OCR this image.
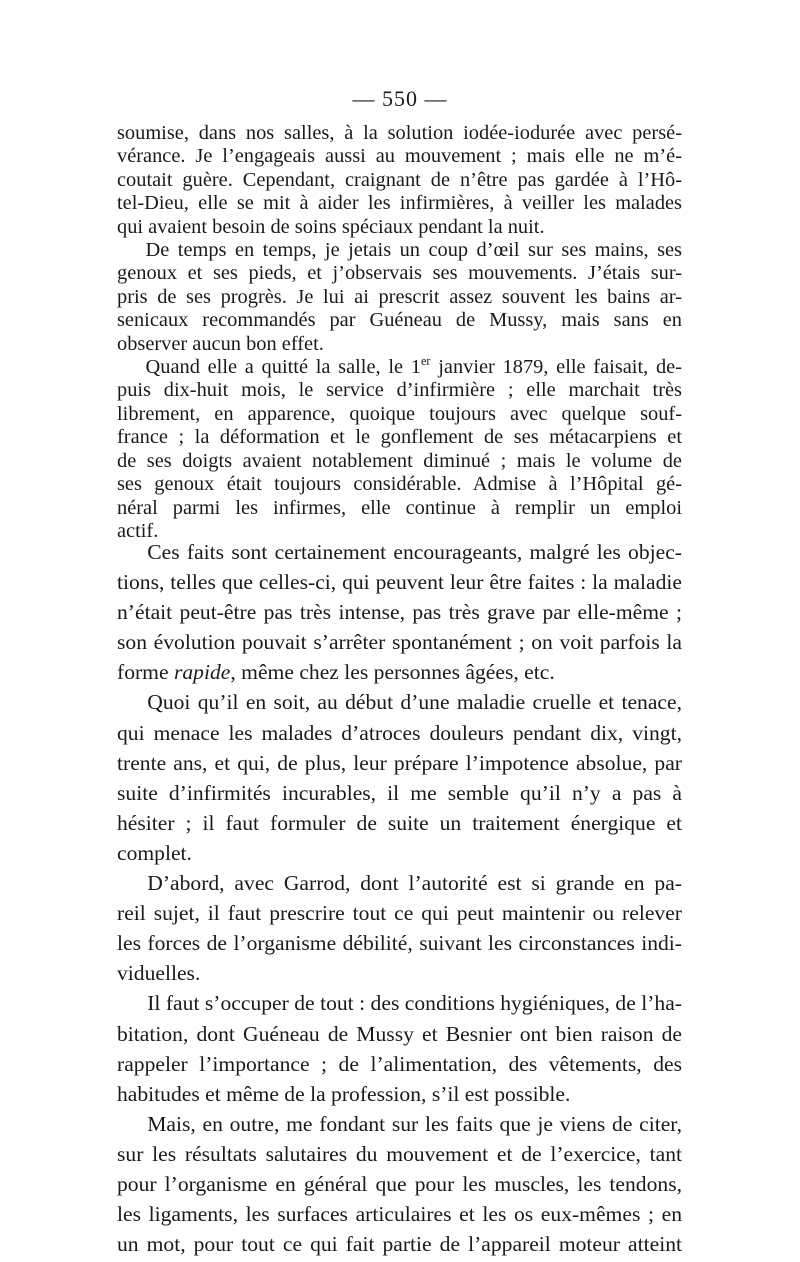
— 550 —
soumise, dans nos salles, à la solution iodée-iodurée avec persé-
vérance. Je l’engageais aussi au mouvement ; mais elle ne m’é-
coutait guère. Cependant, craignant de n’être pas gardée à l’Hô-
tel-Dieu, elle se mit à aider les infirmières, à veiller les malades
qui avaient besoin de soins spéciaux pendant la nuit.
De temps en temps, je jetais un coup d’œil sur ses mains, ses
genoux et ses pieds, et j’observais ses mouvements. J’étais sur-
pris de ses progrès. Je lui ai prescrit assez souvent les bains ar-
senicaux recommandés par Guéneau de Mussy, mais sans en
observer aucun bon effet.
Quand elle a quitté la salle, le 1er janvier 1879, elle faisait, de-
puis dix-huit mois, le service d’infirmière ; elle marchait très
librement, en apparence, quoique toujours avec quelque souf-
france ; la déformation et le gonflement de ses métacarpiens et
de ses doigts avaient notablement diminué ; mais le volume de
ses genoux était toujours considérable. Admise à l’Hôpital gé-
néral parmi les infirmes, elle continue à remplir un emploi
actif.
Ces faits sont certainement encourageants, malgré les objec-
tions, telles que celles-ci, qui peuvent leur être faites : la maladie
n’était peut-être pas très intense, pas très grave par elle-même ;
son évolution pouvait s’arrêter spontanément ; on voit parfois la
forme rapide, même chez les personnes âgées, etc.
Quoi qu’il en soit, au début d’une maladie cruelle et tenace,
qui menace les malades d’atroces douleurs pendant dix, vingt,
trente ans, et qui, de plus, leur prépare l’impotence absolue, par
suite d’infirmités incurables, il me semble qu’il n’y a pas à
hésiter ; il faut formuler de suite un traitement énergique et
complet.
D’abord, avec Garrod, dont l’autorité est si grande en pa-
reil sujet, il faut prescrire tout ce qui peut maintenir ou relever
les forces de l’organisme débilité, suivant les circonstances indi-
viduelles.
Il faut s’occuper de tout : des conditions hygiéniques, de l’ha-
bitation, dont Guéneau de Mussy et Besnier ont bien raison de
rappeler l’importance ; de l’alimentation, des vêtements, des
habitudes et même de la profession, s’il est possible.
Mais, en outre, me fondant sur les faits que je viens de citer,
sur les résultats salutaires du mouvement et de l’exercice, tant
pour l’organisme en général que pour les muscles, les tendons,
les ligaments, les surfaces articulaires et les os eux-mêmes ; en
un mot, pour tout ce qui fait partie de l’appareil moteur atteint
